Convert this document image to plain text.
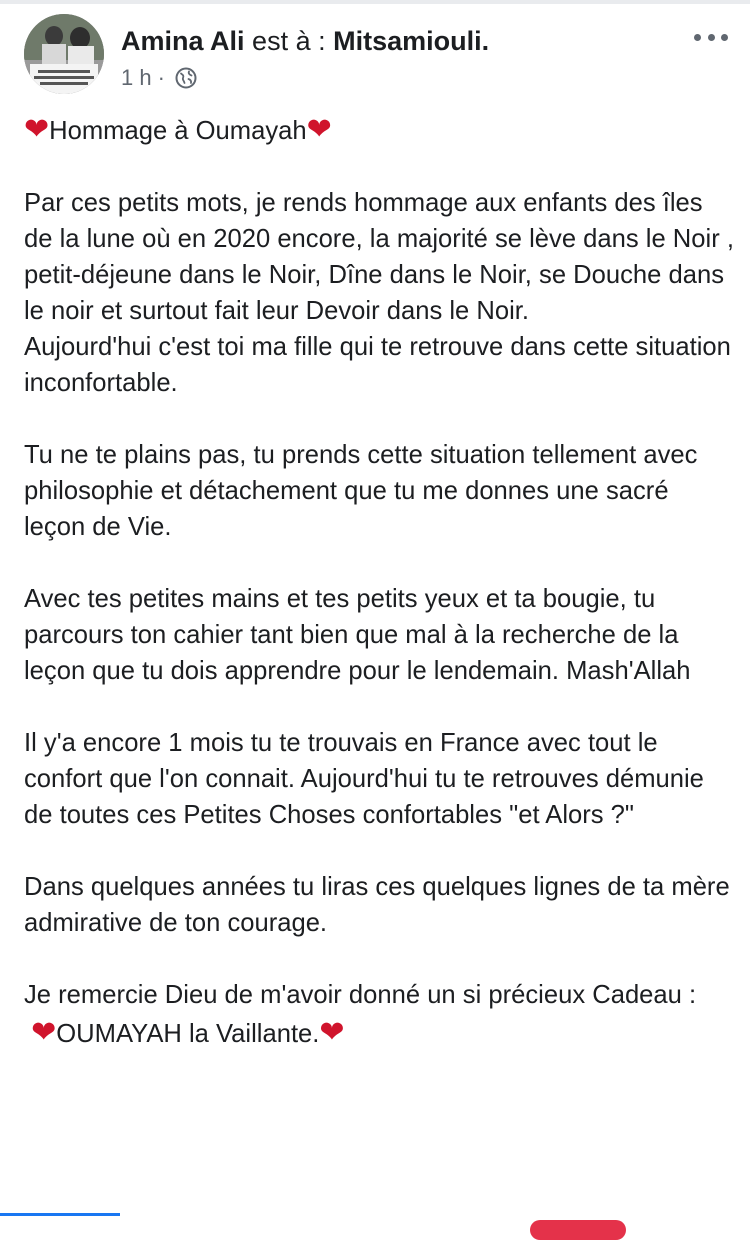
Amina Ali est à : Mitsamiouli.
1 h ·

❤Hommage à Oumayah❤

Par ces petits mots, je rends hommage aux enfants des îles de la lune où en 2020 encore, la majorité se lève dans le Noir , petit-déjeune dans le Noir, Dîne dans le Noir, se Douche dans le noir et surtout fait leur Devoir dans le Noir.

Aujourd'hui c'est toi ma fille qui te retrouve dans cette situation inconfortable.

Tu ne te plains pas, tu prends cette situation tellement avec philosophie et détachement que tu me donnes une sacré leçon de Vie.

Avec tes petites mains et tes petits yeux et ta bougie, tu parcours ton cahier tant bien que mal à la recherche de la leçon que tu dois apprendre pour le lendemain. Mash'Allah

Il y'a encore 1 mois tu te trouvais en France avec tout le confort que l'on connait. Aujourd'hui tu te retrouves démunie de toutes ces Petites Choses confortables "et Alors ?"

Dans quelques années tu liras ces quelques lignes de ta mère admirative de ton courage.

Je remercie Dieu de m'avoir donné un si précieux Cadeau :

❤OUMAYAH la Vaillante.❤
